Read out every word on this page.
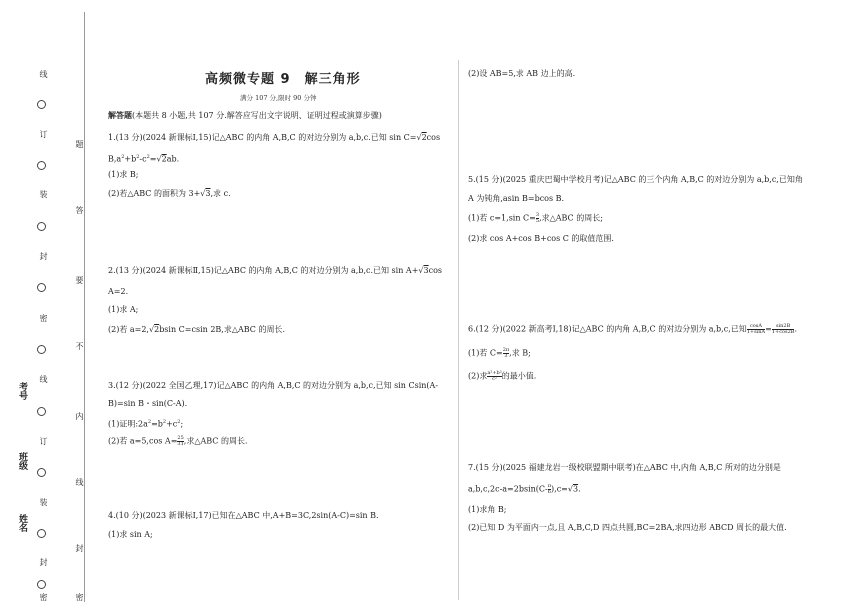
线
订
装
封
密
线
订
装
封
密
考号
班级
姓名
题
答
要
不
内
线
封
密
高频微专题 9　解三角形
满分 107 分,限时 90 分钟
解答题(本题共 8 小题,共 107 分.解答应写出文字说明、证明过程或演算步骤)
1.(13 分)(2024 新课标Ⅰ,15)记△ABC 的内角 A,B,C 的对边分别为 a,b,c.已知 sin C=√2cos
$B,a^2+b^2-c^2=√2ab$.
(1)求 B;
(2)若△ABC 的面积为 3+√3,求 c.
2.(13 分)(2024 新课标Ⅱ,15)记△ABC 的内角 A,B,C 的对边分别为 a,b,c.已知 sin A+√3cos
A=2.
(1)求 A;
(2)若 a=2,√2bsin C=csin 2B,求△ABC 的周长.
3.(12 分)(2022 全国乙理,17)记△ABC 的内角 A,B,C 的对边分别为 a,b,c,已知 sin Csin(A-
B)=sin B・sin(C-A).
(1)证明$:2a^2=b^2+c^2$;
(2)若 a=5,cos $A= \frac{25}{31}$ ,求△ABC 的周长.
4.(10 分)(2023 新课标Ⅰ,17)已知在△ABC 中,A+B=3C,2sin(A-C)=sin B.
(1)求 sin A;
(2)设 AB=5,求 AB 边上的高.
5.(15 分)(2025 重庆巴蜀中学校月考)记△ABC 的三个内角 A,B,C 的对边分别为 a,b,c,已知角
A 为钝角,asin B=bcos B.
(1)若 c=1,sin $C= \frac{3}{5}$ ,求△ABC 的周长;
(2)求 cos A+cos B+cos C 的取值范围.
6.(12 分)(2022 新高考Ⅰ,18)记△ABC 的内角 A,B,C 的对边分别为 a,b,c,已知 $\frac{\cos A}{1+\sin A} = \frac{\sin 2B}{1+\cos 2B}$ .
(1)若 $C= \frac{2\pi}{3}$ ,求 B;
(2)求 $\frac{\text{a²+b²}}{\text{c²}}$ 的最小值.
7.(15 分)(2025 福建龙岩一级校联盟期中联考)在△ABC 中,内角 A,B,C 所对的边分别是
$a,b,c,2c-a=2bsin(C- \frac{\pi}{6} ),c=√3$.
(1)求角 B;
(2)已知 D 为平面内一点,且 A,B,C,D 四点共圆,BC=2BA,求四边形 ABCD 周长的最大值.
